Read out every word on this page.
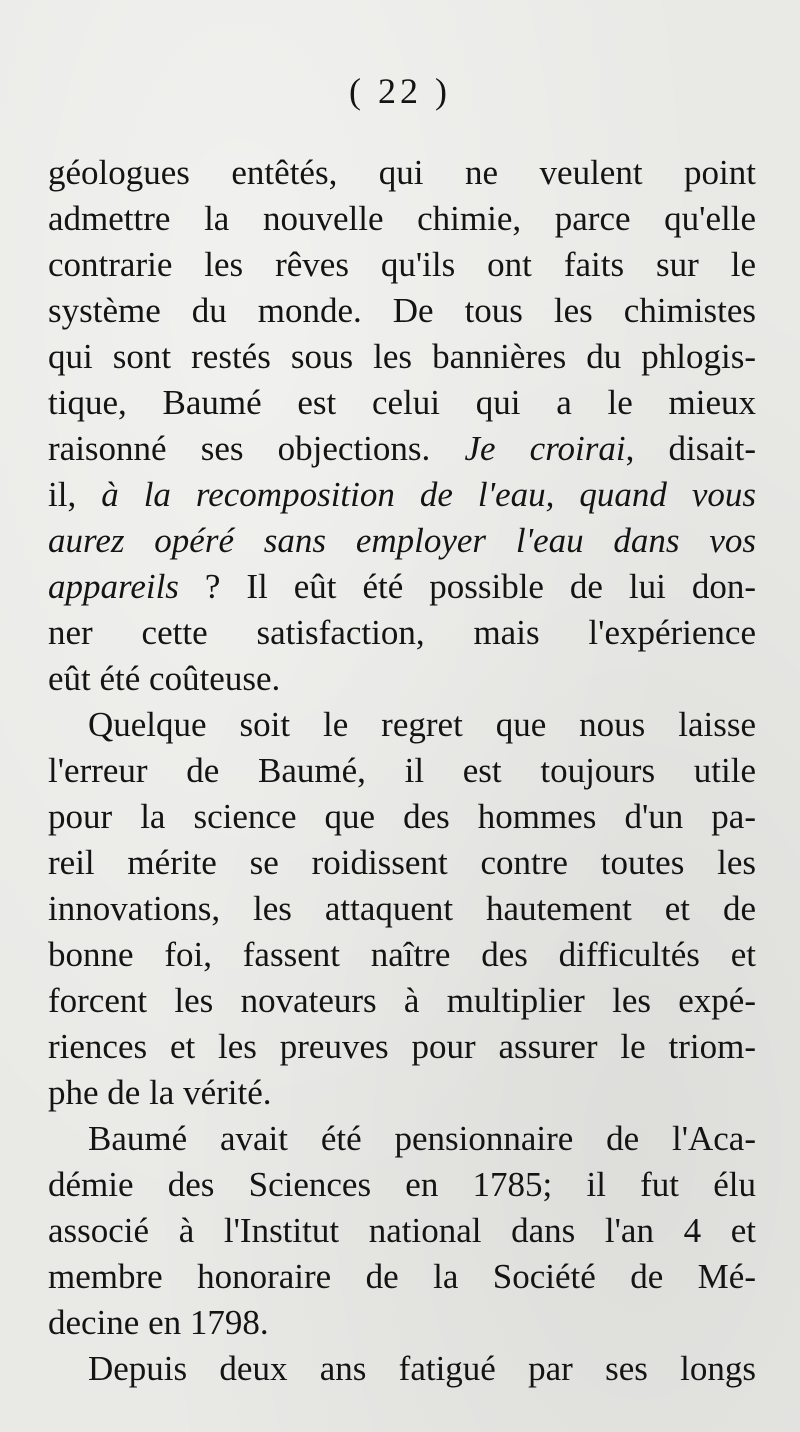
( 22 )
géologues entêtés, qui ne veulent point
admettre la nouvelle chimie, parce qu'elle
contrarie les rêves qu'ils ont faits sur le
système du monde. De tous les chimistes
qui sont restés sous les bannières du phlogis-
tique, Baumé est celui qui a le mieux
raisonné ses objections. Je croirai, disait-
il, à la recomposition de l'eau, quand vous
aurez opéré sans employer l'eau dans vos
appareils ? Il eût été possible de lui don-
ner cette satisfaction, mais l'expérience
eût été coûteuse.
Quelque soit le regret que nous laisse
l'erreur de Baumé, il est toujours utile
pour la science que des hommes d'un pa-
reil mérite se roidissent contre toutes les
innovations, les attaquent hautement et de
bonne foi, fassent naître des difficultés et
forcent les novateurs à multiplier les expé-
riences et les preuves pour assurer le triom-
phe de la vérité.
Baumé avait été pensionnaire de l'Aca-
démie des Sciences en 1785; il fut élu
associé à l'Institut national dans l'an 4 et
membre honoraire de la Société de Mé-
decine en 1798.
Depuis deux ans fatigué par ses longs
